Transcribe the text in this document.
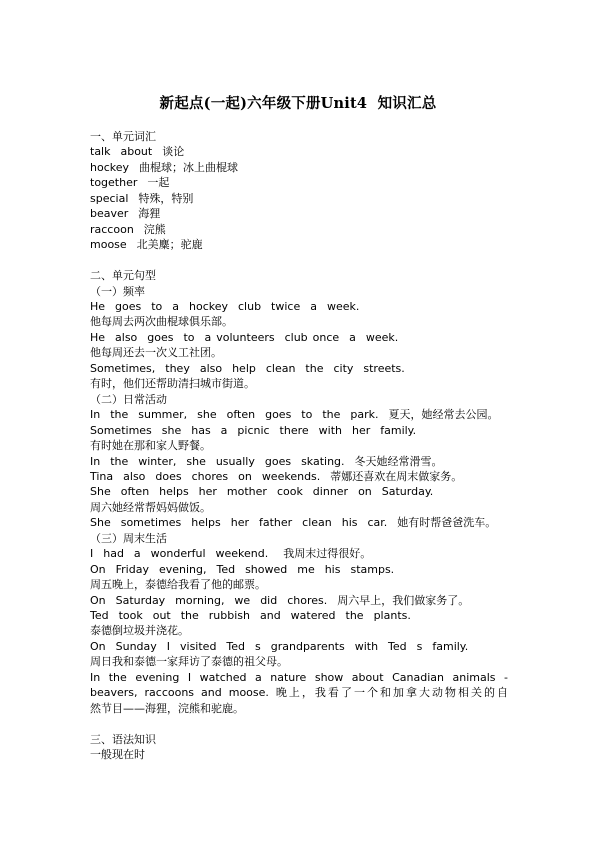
新起点(一起)六年级下册Unit4  知识汇总
一、单元词汇
talk  about  谈论
hockey  曲棍球；冰上曲棍球
together  一起
special  特殊，特别
beaver  海狸
raccoon  浣熊
moose  北美麋；驼鹿
二、单元句型
（一）频率
He  goes  to  a  hockey  club  twice  a  week.
他每周去两次曲棍球俱乐部。
He  also  goes  to  a volunteers  club once  a  week.
他每周还去一次义工社团。
Sometimes,  they  also  help  clean  the  city  streets.
有时，他们还帮助清扫城市街道。
（二）日常活动
In  the  summer,  she  often  goes  to  the  park.  夏天，她经常去公园。
Sometimes  she  has  a  picnic  there  with  her  family.
有时她在那和家人野餐。
In  the  winter,  she  usually  goes  skating.  冬天她经常滑雪。
Tina  also  does  chores  on  weekends.  蒂娜还喜欢在周末做家务。
She  often  helps  her  mother  cook  dinner  on  Saturday.
周六她经常帮妈妈做饭。
She  sometimes  helps  her  father  clean  his  car.  她有时帮爸爸洗车。
（三）周末生活
I  had  a  wonderful  weekend.   我周末过得很好。
On  Friday  evening,  Ted  showed  me  his  stamps.
周五晚上，泰德给我看了他的邮票。
On  Saturday  morning,  we  did  chores.  周六早上，我们做家务了。
Ted  took  out  the  rubbish  and  watered  the  plants.
泰德倒垃圾并浇花。
On  Sunday  I  visited  Ted  s  grandparents  with  Ted  s  family.
周日我和泰德一家拜访了泰德的祖父母。
In the evening I watched a nature show about Canadian animals -
beavers, raccoons and moose. 晚上，我看了一个和加拿大动物相关的自
然节目——海狸，浣熊和驼鹿。
三、语法知识
一般现在时
